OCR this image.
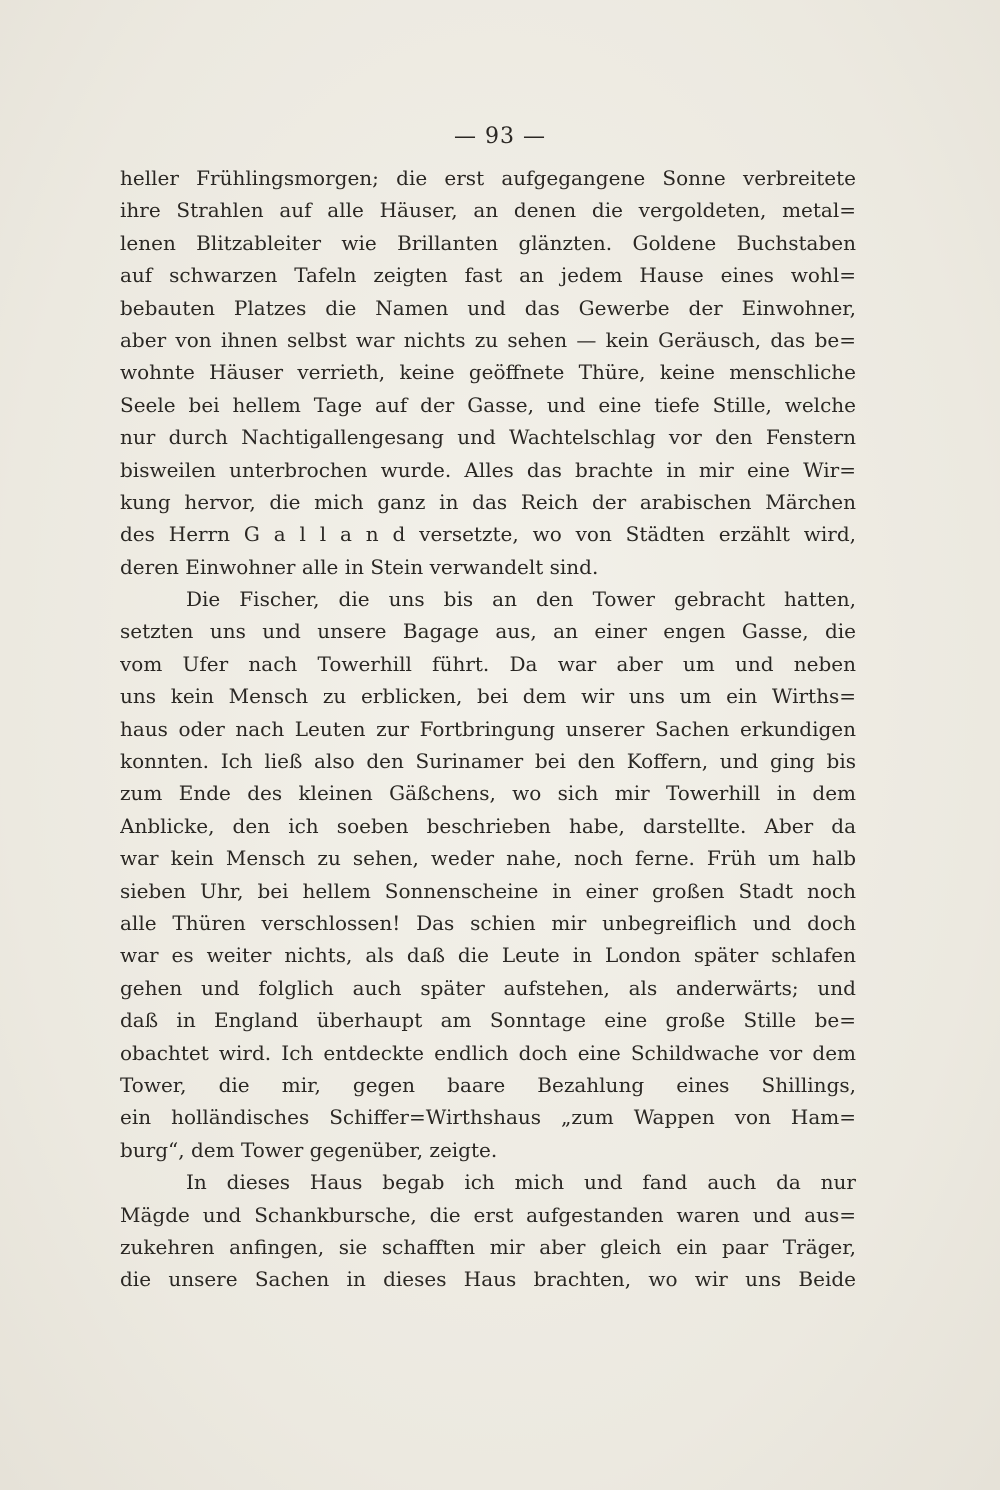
— 93 —
heller Frühlingsmorgen; die erst aufgegangene Sonne verbreitete
ihre Strahlen auf alle Häuser, an denen die vergoldeten, metal=
lenen Blitzableiter wie Brillanten glänzten. Goldene Buchstaben
auf schwarzen Tafeln zeigten fast an jedem Hause eines wohl=
bebauten Platzes die Namen und das Gewerbe der Einwohner,
aber von ihnen selbst war nichts zu sehen — kein Geräusch, das be=
wohnte Häuser verrieth, keine geöffnete Thüre, keine menschliche
Seele bei hellem Tage auf der Gasse, und eine tiefe Stille, welche
nur durch Nachtigallengesang und Wachtelschlag vor den Fenstern
bisweilen unterbrochen wurde. Alles das brachte in mir eine Wir=
kung hervor, die mich ganz in das Reich der arabischen Märchen
des Herrn G a l l a n d versetzte, wo von Städten erzählt wird,
deren Einwohner alle in Stein verwandelt sind.
Die Fischer, die uns bis an den Tower gebracht hatten,
setzten uns und unsere Bagage aus, an einer engen Gasse, die
vom Ufer nach Towerhill führt. Da war aber um und neben
uns kein Mensch zu erblicken, bei dem wir uns um ein Wirths=
haus oder nach Leuten zur Fortbringung unserer Sachen erkundigen
konnten. Ich ließ also den Surinamer bei den Koffern, und ging bis
zum Ende des kleinen Gäßchens, wo sich mir Towerhill in dem
Anblicke, den ich soeben beschrieben habe, darstellte. Aber da
war kein Mensch zu sehen, weder nahe, noch ferne. Früh um halb
sieben Uhr, bei hellem Sonnenscheine in einer großen Stadt noch
alle Thüren verschlossen! Das schien mir unbegreiflich und doch
war es weiter nichts, als daß die Leute in London später schlafen
gehen und folglich auch später aufstehen, als anderwärts; und
daß in England überhaupt am Sonntage eine große Stille be=
obachtet wird. Ich entdeckte endlich doch eine Schildwache vor dem
Tower, die mir, gegen baare Bezahlung eines Shillings,
ein holländisches Schiffer=Wirthshaus „zum Wappen von Ham=
burg“, dem Tower gegenüber, zeigte.
In dieses Haus begab ich mich und fand auch da nur
Mägde und Schankbursche, die erst aufgestanden waren und aus=
zukehren anfingen, sie schafften mir aber gleich ein paar Träger,
die unsere Sachen in dieses Haus brachten, wo wir uns Beide
